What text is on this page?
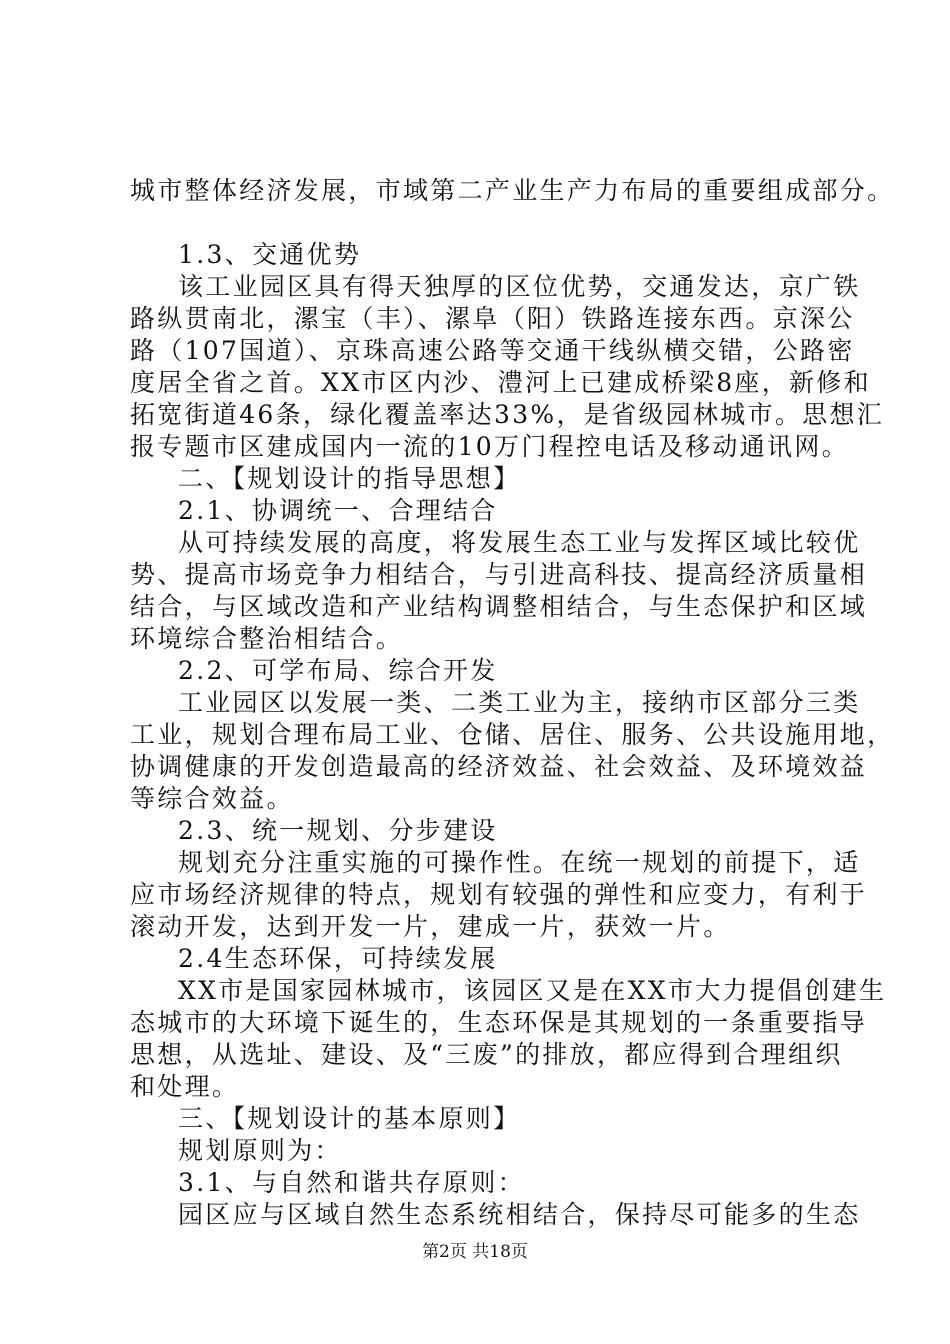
城市整体经济发展，市域第二产业生产力布局的重要组成部分。
1.3、交通优势
该工业园区具有得天独厚的区位优势，交通发达，京广铁
路纵贯南北，漯宝（丰）、漯阜（阳）铁路连接东西。京深公
路（107国道）、京珠高速公路等交通干线纵横交错，公路密
度居全省之首。XX市区内沙、澧河上已建成桥梁8座，新修和
拓宽街道46条，绿化覆盖率达33%，是省级园林城市。思想汇
报专题市区建成国内一流的10万门程控电话及移动通讯网。
二、【规划设计的指导思想】
2.1、协调统一、合理结合
从可持续发展的高度，将发展生态工业与发挥区域比较优
势、提高市场竞争力相结合，与引进高科技、提高经济质量相
结合，与区域改造和产业结构调整相结合，与生态保护和区域
环境综合整治相结合。
2.2、可学布局、综合开发
工业园区以发展一类、二类工业为主，接纳市区部分三类
工业，规划合理布局工业、仓储、居住、服务、公共设施用地，
协调健康的开发创造最高的经济效益、社会效益、及环境效益
等综合效益。
2.3、统一规划、分步建设
规划充分注重实施的可操作性。在统一规划的前提下，适
应市场经济规律的特点，规划有较强的弹性和应变力，有利于
滚动开发，达到开发一片，建成一片，获效一片。
2.4生态环保，可持续发展
XX市是国家园林城市，该园区又是在XX市大力提倡创建生
态城市的大环境下诞生的，生态环保是其规划的一条重要指导
思想，从选址、建设、及“三废”的排放，都应得到合理组织
和处理。
三、【规划设计的基本原则】
规划原则为：
3.1、与自然和谐共存原则：
园区应与区域自然生态系统相结合，保持尽可能多的生态
第2页 共18页
